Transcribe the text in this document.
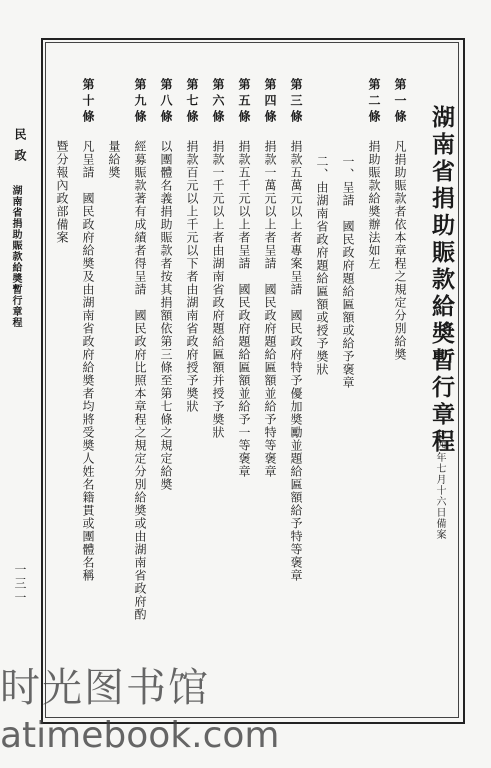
湖南省捐助賑款給奬暫行章程
廿四年七月十六日備案
第一條
凡捐助賑款者依本章程之規定分別給奬
第二條
捐助賑款給奬辦法如左
一、呈請　國民政府題給匾額或給予褒章
二、由湖南省政府題給匾額或授予奬狀
第三條
捐款五萬元以上者專案呈請　國民政府特予優加奬勵並題給匾額給予特等褒章
第四條
捐款一萬元以上者呈請　國民政府題給匾額並給予特等褒章
第五條
捐款五千元以上者呈請　國民政府題給匾額並給予一等褒章
第六條
捐款一千元以上者由湖南省政府題給匾額并授予奬狀
第七條
捐款百元以上千元以下者由湖南省政府授予奬狀
第八條
以團體名義捐助賑款者按其捐額依第三條至第七條之規定給奬
第九條
經募賑款著有成績者得呈請　國民政府比照本章程之規定分別給奬或由湖南省政府酌
量給奬
第十條
凡呈請　國民政府給奬及由湖南省政府給奬者均將受奬人姓名籍貫或團體名稱
暨分報內政部備案
民政
湖南省捐助賑款給奬暫行章程
一三一
时光图书馆
atimebook.com
